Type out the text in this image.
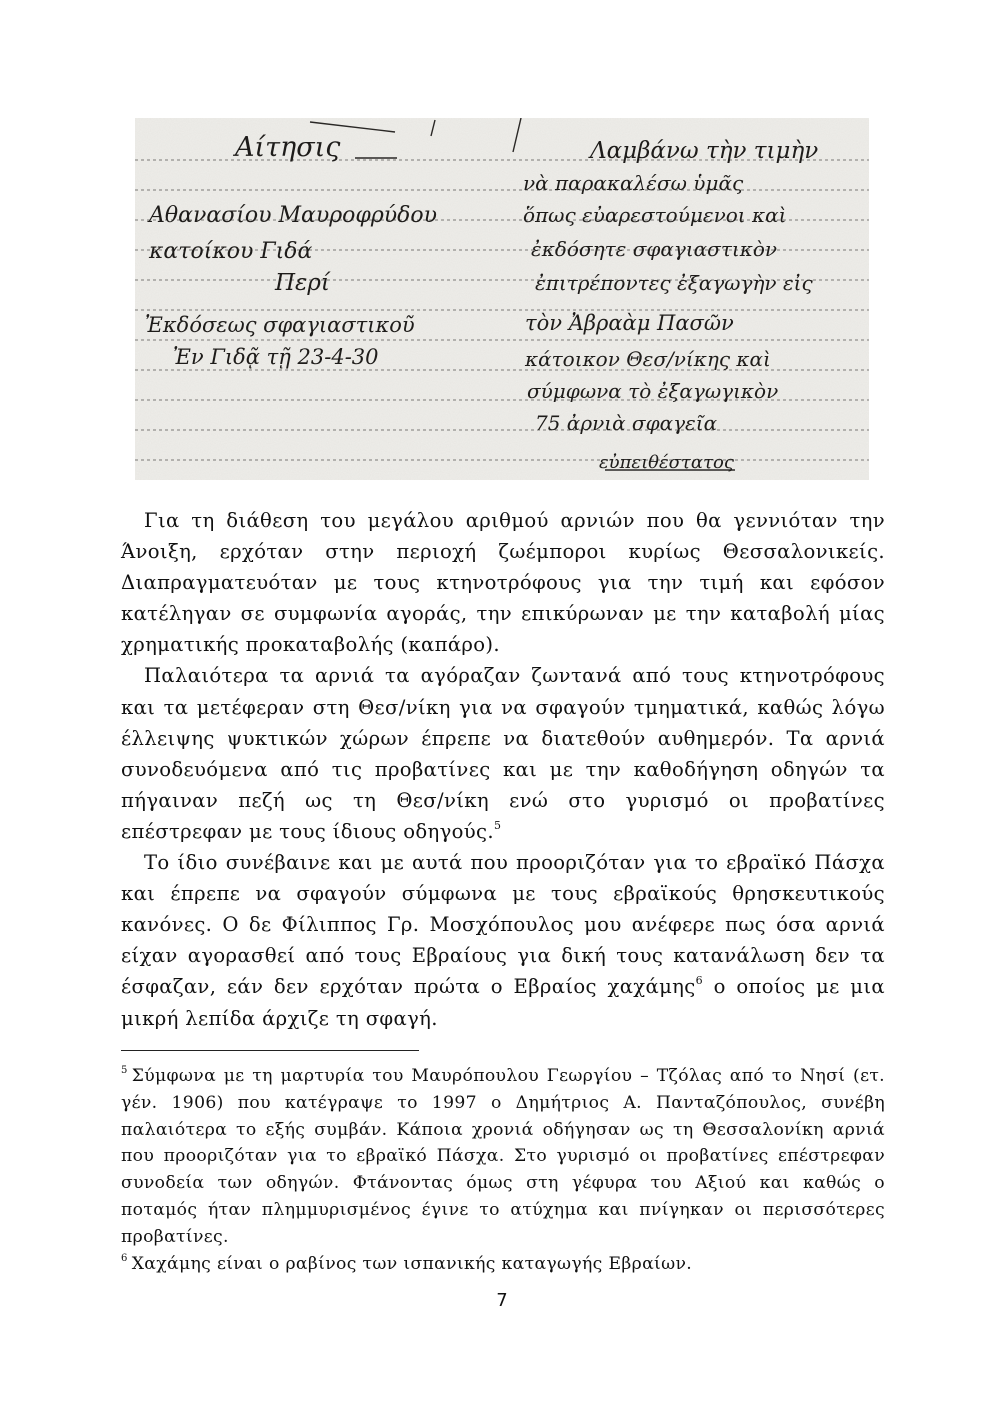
Αίτησις Αθανασίου Μαυροφρύδου κατοίκου Γιδά Περί Ἐκδόσεως σφαγιαστικοῦ Ἐν Γιδᾷ τῇ 23-4-30
Λαμβάνω τὴν τιμὴν νὰ παρακαλέσω ὑμᾶς ὅπως εὐαρεστούμενοι καὶ ἐκδόσητε σφαγιαστικὸν ἐπιτρέποντες ἐξαγωγὴν εἰς τὸν Ἀβραὰμ Πασῶν κάτοικον Θεσ/νίκης καὶ σύμφωνα τὸ ἐξαγωγικὸν 75 ἀρνιὰ σφαγεῖα εὐπειθέστατος

Για τη διάθεση του μεγάλου αριθμού αρνιών που θα γεννιόταν την Άνοιξη, ερχόταν στην περιοχή ζωέμποροι κυρίως Θεσσαλονικείς. Διαπραγματευόταν με τους κτηνοτρόφους για την τιμή και εφόσον κατέληγαν σε συμφωνία αγοράς, την επικύρωναν με την καταβολή μίας χρηματικής προκαταβολής (καπάρο).

Παλαιότερα τα αρνιά τα αγόραζαν ζωντανά από τους κτηνοτρόφους και τα μετέφεραν στη Θεσ/νίκη για να σφαγούν τμηματικά, καθώς λόγω έλλειψης ψυκτικών χώρων έπρεπε να διατεθούν αυθημερόν. Τα αρνιά συνοδευόμενα από τις προβατίνες και με την καθοδήγηση οδηγών τα πήγαιναν πεζή ως τη Θεσ/νίκη ενώ στο γυρισμό οι προβατίνες επέστρεφαν με τους ίδιους οδηγούς.$^5$

Το ίδιο συνέβαινε και με αυτά που προοριζόταν για το εβραϊκό Πάσχα και έπρεπε να σφαγούν σύμφωνα με τους εβραϊκούς θρησκευτικούς κανόνες. Ο δε Φίλιππος Γρ. Μοσχόπουλος μου ανέφερε πως όσα αρνιά είχαν αγορασθεί από τους Εβραίους για δική τους κατανάλωση δεν τα έσφαζαν, εάν δεν ερχόταν πρώτα ο Εβραίος χαχάμης$^6$ ο οποίος με μια μικρή λεπίδα άρχιζε τη σφαγή.

$^5$ Σύμφωνα με τη μαρτυρία του Μαυρόπουλου Γεωργίου – Τζόλας από το Νησί (ετ. γέν. 1906) που κατέγραψε το 1997 ο Δημήτριος Α. Πανταζόπουλος, συνέβη παλαιότερα το εξής συμβάν. Κάποια χρονιά οδήγησαν ως τη Θεσσαλονίκη αρνιά που προοριζόταν για το εβραϊκό Πάσχα. Στο γυρισμό οι προβατίνες επέστρεφαν συνοδεία των οδηγών. Φτάνοντας όμως στη γέφυρα του Αξιού και καθώς ο ποταμός ήταν πλημμυρισμένος έγινε το ατύχημα και πνίγηκαν οι περισσότερες προβατίνες.

$^6$ Χαχάμης είναι ο ραβίνος των ισπανικής καταγωγής Εβραίων.

7
